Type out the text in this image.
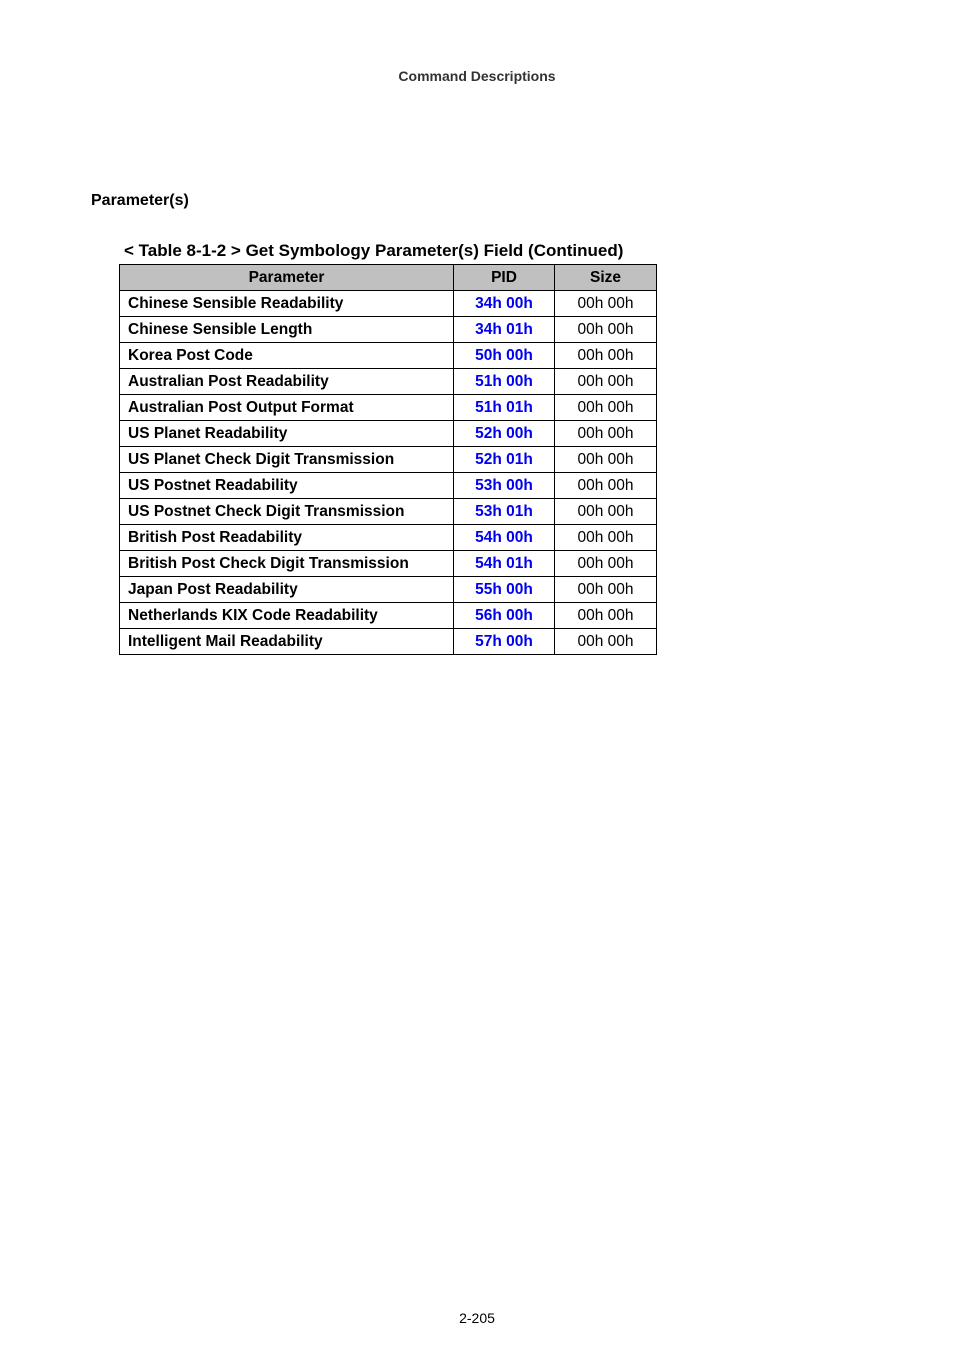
Command Descriptions
Parameter(s)
< Table 8-1-2 > Get Symbology Parameter(s) Field (Continued)
Parameter	PID	Size
Chinese Sensible Readability	34h 00h	00h 00h
Chinese Sensible Length	34h 01h	00h 00h
Korea Post Code	50h 00h	00h 00h
Australian Post Readability	51h 00h	00h 00h
Australian Post Output Format	51h 01h	00h 00h
US Planet Readability	52h 00h	00h 00h
US Planet Check Digit Transmission	52h 01h	00h 00h
US Postnet Readability	53h 00h	00h 00h
US Postnet Check Digit Transmission	53h 01h	00h 00h
British Post Readability	54h 00h	00h 00h
British Post Check Digit Transmission	54h 01h	00h 00h
Japan Post Readability	55h 00h	00h 00h
Netherlands KIX Code Readability	56h 00h	00h 00h
Intelligent Mail Readability	57h 00h	00h 00h
2-205
